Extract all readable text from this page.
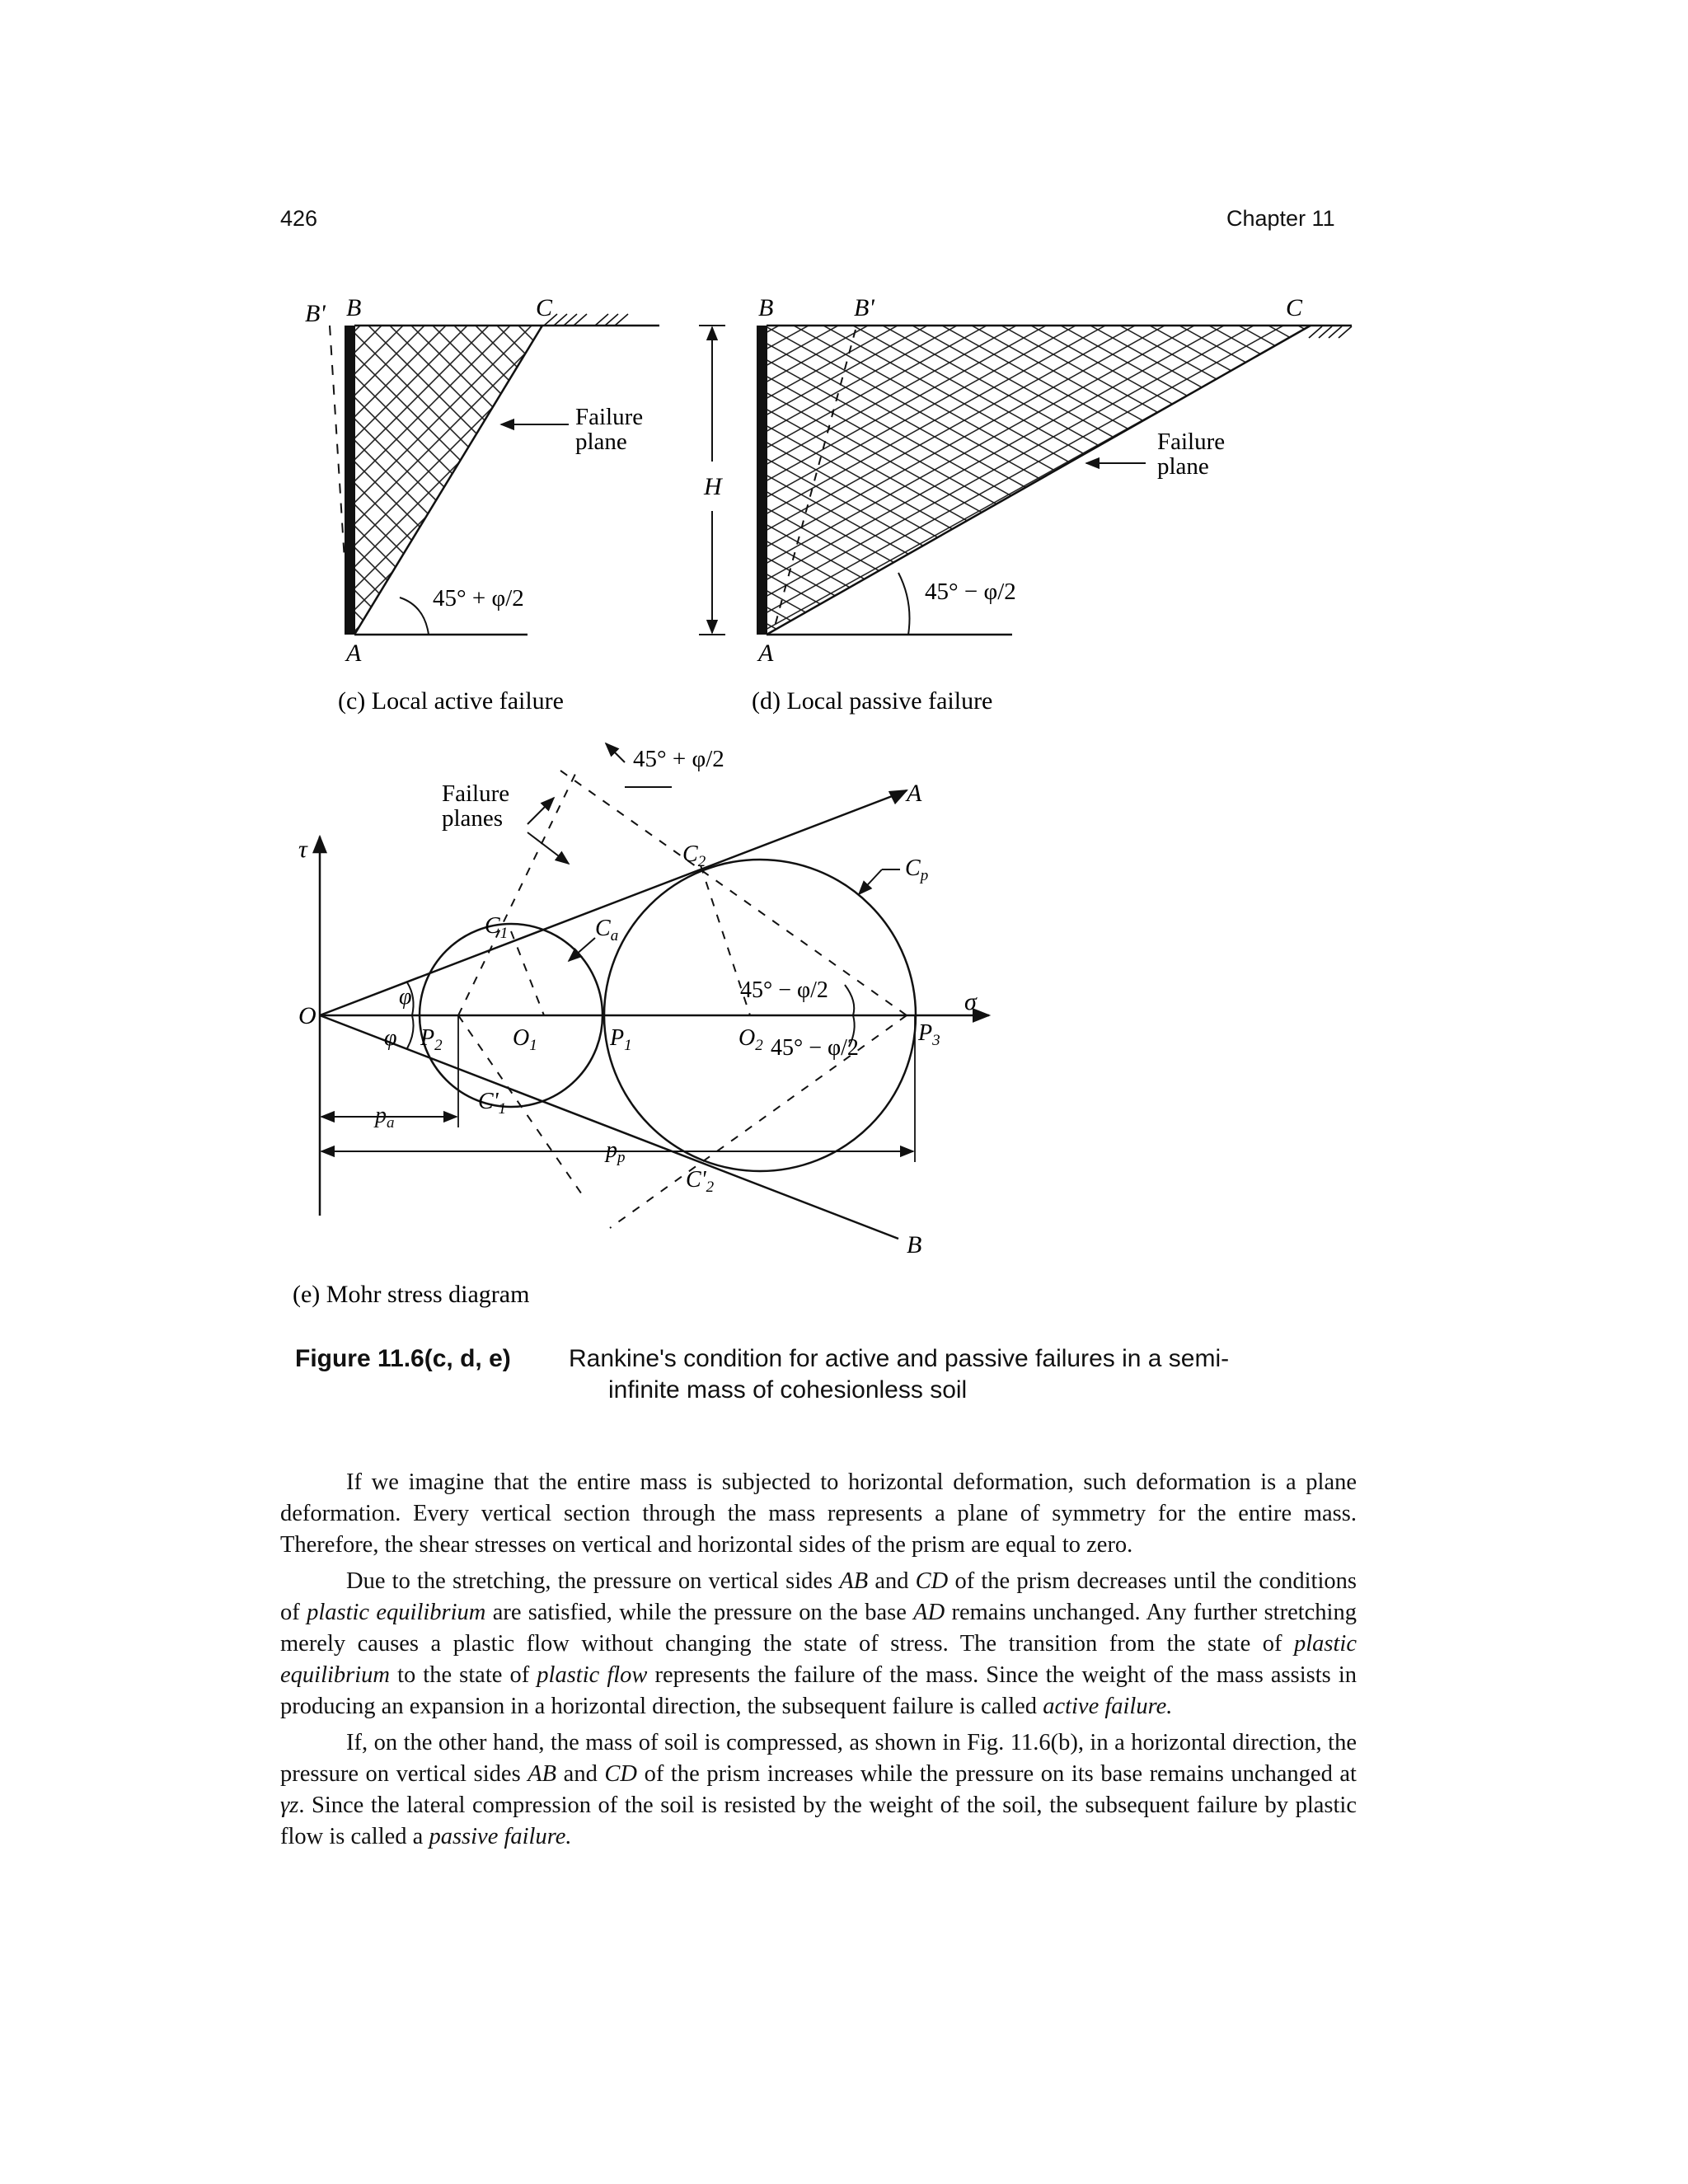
426	Chapter 11
B' B	C
A
Failure
plane
45° + φ/2
(c) Local active failure
H
B	B'	C
A
Failure
plane
45° − φ/2
(d) Local passive failure
τ
σ
O
A
B
Failure
planes
45° + φ/2
φ
φ $P_2$	$O_1$	$P_1$	$O_2$	$P_3$
$C_1$
$C'_1$
$C_2$
$C'_2$
$C_a$
$C_p$
$p_a$
$p_p$
45° − φ/2
45° − φ/2
(e) Mohr stress diagram
Figure 11.6(c, d, e) Rankine's condition for active and passive failures in a semi-
infinite mass of cohesionless soil

If we imagine that the entire mass is subjected to horizontal deformation, such deformation is a plane deformation. Every vertical section through the mass represents a plane of symmetry for the entire mass. Therefore, the shear stresses on vertical and horizontal sides of the prism are equal to zero.

Due to the stretching, the pressure on vertical sides AB and CD of the prism decreases until the conditions of plastic equilibrium are satisfied, while the pressure on the base AD remains unchanged. Any further stretching merely causes a plastic flow without changing the state of stress. The transition from the state of plastic equilibrium to the state of plastic flow represents the failure of the mass. Since the weight of the mass assists in producing an expansion in a horizontal direction, the subsequent failure is called active failure.

If, on the other hand, the mass of soil is compressed, as shown in Fig. 11.6(b), in a horizontal direction, the pressure on vertical sides AB and CD of the prism increases while the pressure on its base remains unchanged at γz. Since the lateral compression of the soil is resisted by the weight of the soil, the subsequent failure by plastic flow is called a passive failure.
